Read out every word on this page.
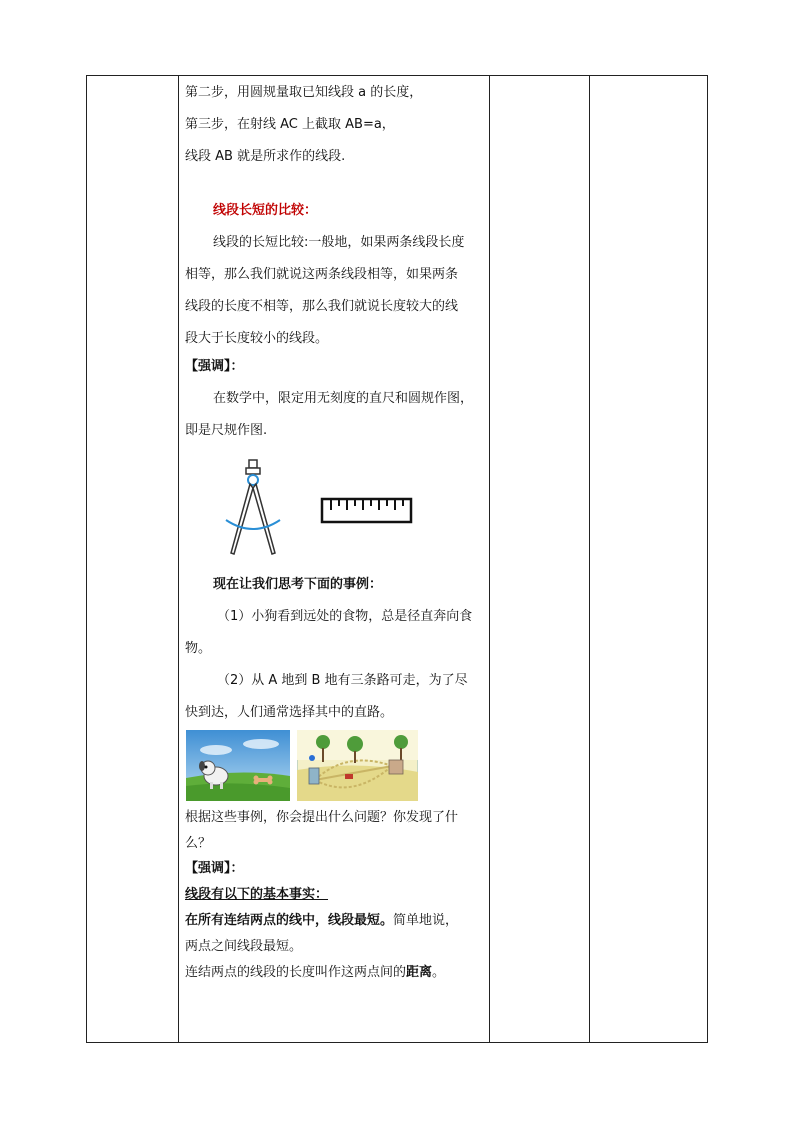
第二步，用圆规量取已知线段 a 的长度，
第三步，在射线 AC 上截取 AB=a，
线段 AB 就是所求作的线段.
线段长短的比较：
线段的长短比较:一般地，如果两条线段长度
相等，那么我们就说这两条线段相等，如果两条
线段的长度不相等，那么我们就说长度较大的线
段大于长度较小的线段。
【强调】：
在数学中，限定用无刻度的直尺和圆规作图，
即是尺规作图.
现在让我们思考下面的事例：
（1）小狗看到远处的食物，总是径直奔向食
物。
（2）从 A 地到 B 地有三条路可走，为了尽
快到达，人们通常选择其中的直路。
根据这些事例，你会提出什么问题？你发现了什
么？
【强调】：
线段有以下的基本事实：
在所有连结两点的线中，线段最短。简单地说，
两点之间线段最短。
连结两点的线段的长度叫作这两点间的距离。
